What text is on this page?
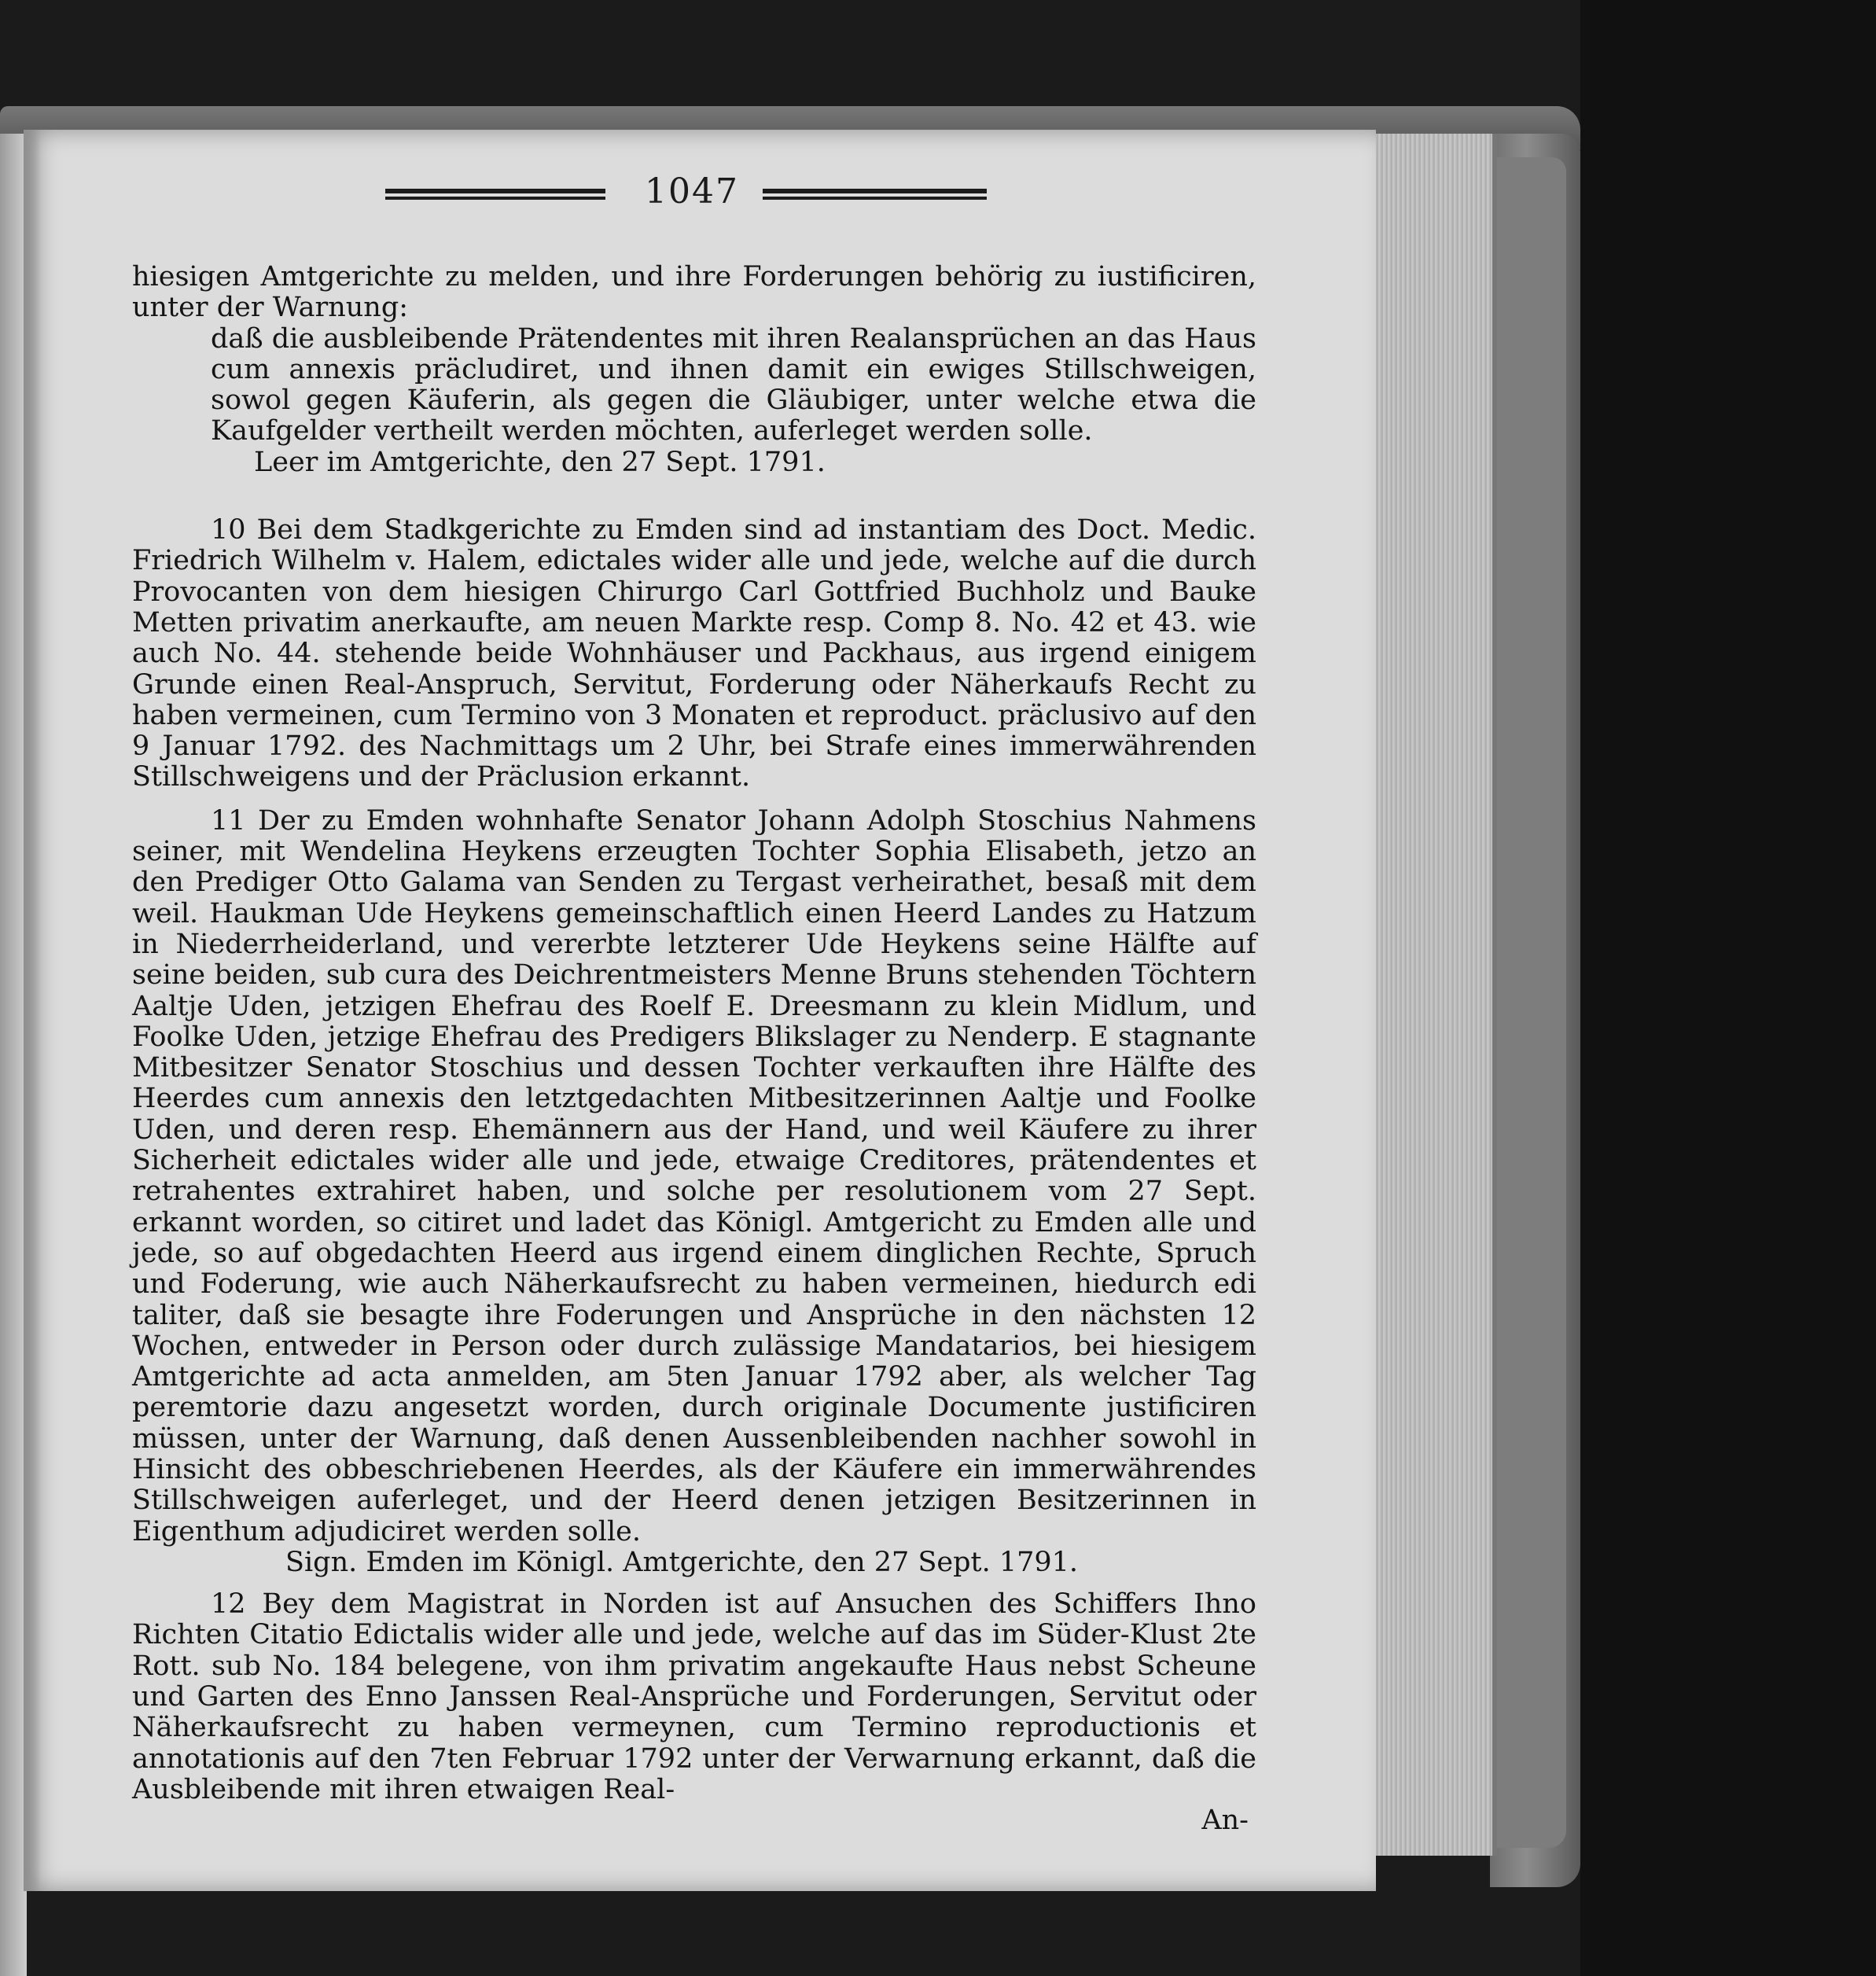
1047

hiesigen Amtgerichte zu melden, und ihre Forderungen behörig zu iustificiren, unter der Warnung:

daß die ausbleibende Prätendentes mit ihren Realansprüchen an das Haus cum annexis präcludiret, und ihnen damit ein ewiges Stillschweigen, sowol gegen Käuferin, als gegen die Gläubiger, unter welche etwa die Kaufgelder vertheilt werden möchten, auferleget werden solle.

Leer im Amtgerichte, den 27 Sept. 1791.

10 Bei dem Stadkgerichte zu Emden sind ad instantiam des Doct. Medic. Friedrich Wilhelm v. Halem, edictales wider alle und jede, welche auf die durch Provocanten von dem hiesigen Chirurgo Carl Gottfried Buchholz und Bauke Metten privatim anerkaufte, am neuen Markte resp. Comp 8. No. 42 et 43. wie auch No. 44. stehende beide Wohnhäuser und Packhaus, aus irgend einigem Grunde einen Real-Anspruch, Servitut, Forderung oder Näherkaufs Recht zu haben vermeinen, cum Termino von 3 Monaten et reproduct. präclusivo auf den 9 Januar 1792. des Nachmittags um 2 Uhr, bei Strafe eines immerwährenden Stillschweigens und der Präclusion erkannt.

11 Der zu Emden wohnhafte Senator Johann Adolph Stoschius Nahmens seiner, mit Wendelina Heykens erzeugten Tochter Sophia Elisabeth, jetzo an den Prediger Otto Galama van Senden zu Tergast verheirathet, besaß mit dem weil. Haukman Ude Heykens gemeinschaftlich einen Heerd Landes zu Hatzum in Niederrheiderland, und vererbte letzterer Ude Heykens seine Hälfte auf seine beiden, sub cura des Deichrentmeisters Menne Bruns stehenden Töchtern Aaltje Uden, jetzigen Ehefrau des Roelf E. Dreesmann zu klein Midlum, und Foolke Uden, jetzige Ehefrau des Predigers Blikslager zu Nenderp. E stagnante Mitbesitzer Senator Stoschius und dessen Tochter verkauften ihre Hälfte des Heerdes cum annexis den letztgedachten Mitbesitzerinnen Aaltje und Foolke Uden, und deren resp. Ehemännern aus der Hand, und weil Käufere zu ihrer Sicherheit edictales wider alle und jede, etwaige Creditores, prätendentes et retrahentes extrahiret haben, und solche per resolutionem vom 27 Sept. erkannt worden, so citiret und ladet das Königl. Amtgericht zu Emden alle und jede, so auf obgedachten Heerd aus irgend einem dinglichen Rechte, Spruch und Foderung, wie auch Näherkaufsrecht zu haben vermeinen, hiedurch edi taliter, daß sie besagte ihre Foderungen und Ansprüche in den nächsten 12 Wochen, entweder in Person oder durch zulässige Mandatarios, bei hiesigem Amtgerichte ad acta anmelden, am 5ten Januar 1792 aber, als welcher Tag peremtorie dazu angesetzt worden, durch originale Documente justificiren müssen, unter der Warnung, daß denen Aussenbleibenden nachher sowohl in Hinsicht des obbeschriebenen Heerdes, als der Käufere ein immerwährendes Stillschweigen auferleget, und der Heerd denen jetzigen Besitzerinnen in Eigenthum adjudiciret werden solle.

Sign. Emden im Königl. Amtgerichte, den 27 Sept. 1791.

12 Bey dem Magistrat in Norden ist auf Ansuchen des Schiffers Ihno Richten Citatio Edictalis wider alle und jede, welche auf das im Süder-Klust 2te Rott. sub No. 184 belegene, von ihm privatim angekaufte Haus nebst Scheune und Garten des Enno Janssen Real-Ansprüche und Forderungen, Servitut oder Näherkaufsrecht zu haben vermeynen, cum Termino reproductionis et annotationis auf den 7ten Februar 1792 unter der Verwarnung erkannt, daß die Ausbleibende mit ihren etwaigen Real-

An-
